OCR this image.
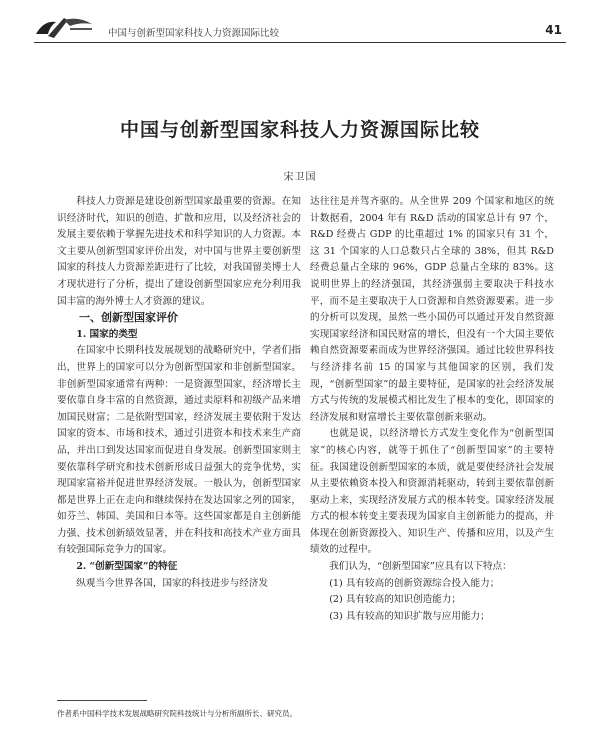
中国与创新型国家科技人力资源国际比较	41
中国与创新型国家科技人力资源国际比较
宋卫国

科技人力资源是建设创新型国家最重要的资源。在知识经济时代，知识的创造、扩散和应用，以及经济社会的发展主要依赖于掌握先进技术和科学知识的人力资源。本文主要从创新型国家评价出发，对中国与世界主要创新型国家的科技人力资源差距进行了比较，对我国留美博士人才现状进行了分析，提出了建设创新型国家应充分利用我国丰富的海外博士人才资源的建议。

一、创新型国家评价

1. 国家的类型

在国家中长期科技发展规划的战略研究中，学者们指出，世界上的国家可以分为创新型国家和非创新型国家。非创新型国家通常有两种：一是资源型国家，经济增长主要依靠自身丰富的自然资源，通过卖原料和初级产品来增加国民财富；二是依附型国家，经济发展主要依附于发达国家的资本、市场和技术，通过引进资本和技术来生产商品，并出口到发达国家而促进自身发展。创新型国家则主要依靠科学研究和技术创新形成日益强大的竞争优势，实现国家富裕并促进世界经济发展。一般认为，创新型国家都是世界上正在走向和继续保持在发达国家之列的国家，如芬兰、韩国、美国和日本等。这些国家都是自主创新能力强、技术创新绩效显著，并在科技和高技术产业方面具有较强国际竞争力的国家。

2. “创新型国家”的特征

纵观当今世界各国，国家的科技进步与经济发

达往往是并驾齐驱的。从全世界 209 个国家和地区的统计数据看，2004 年有 R&D 活动的国家总计有 97 个，R&D 经费占 GDP 的比重超过 1% 的国家只有 31 个，这 31 个国家的人口总数只占全球的 38%，但其 R&D 经费总量占全球的 96%，GDP 总量占全球的 83%。这说明世界上的经济强国，其经济强弱主要取决于科技水平，而不是主要取决于人口资源和自然资源要素。进一步的分析可以发现，虽然一些小国仍可以通过开发自然资源实现国家经济和国民财富的增长，但没有一个大国主要依赖自然资源要素而成为世界经济强国。通过比较世界科技与经济排名前 15 的国家与其他国家的区别，我们发现，“创新型国家”的最主要特征，是国家的社会经济发展方式与传统的发展模式相比发生了根本的变化，即国家的经济发展和财富增长主要依靠创新来驱动。

也就是说，以经济增长方式发生变化作为“创新型国家”的核心内容，就等于抓住了“创新型国家”的主要特征。我国建设创新型国家的本质，就是要使经济社会发展从主要依赖资本投入和资源消耗驱动，转到主要依靠创新驱动上来，实现经济发展方式的根本转变。国家经济发展方式的根本转变主要表现为国家自主创新能力的提高，并体现在创新资源投入、知识生产、传播和应用，以及产生绩效的过程中。

我们认为，“创新型国家”应具有以下特点：

(1) 具有较高的创新资源综合投入能力；

(2) 具有较高的知识创造能力；

(3) 具有较高的知识扩散与应用能力；

作者系中国科学技术发展战略研究院科技统计与分析所副所长、研究员。
